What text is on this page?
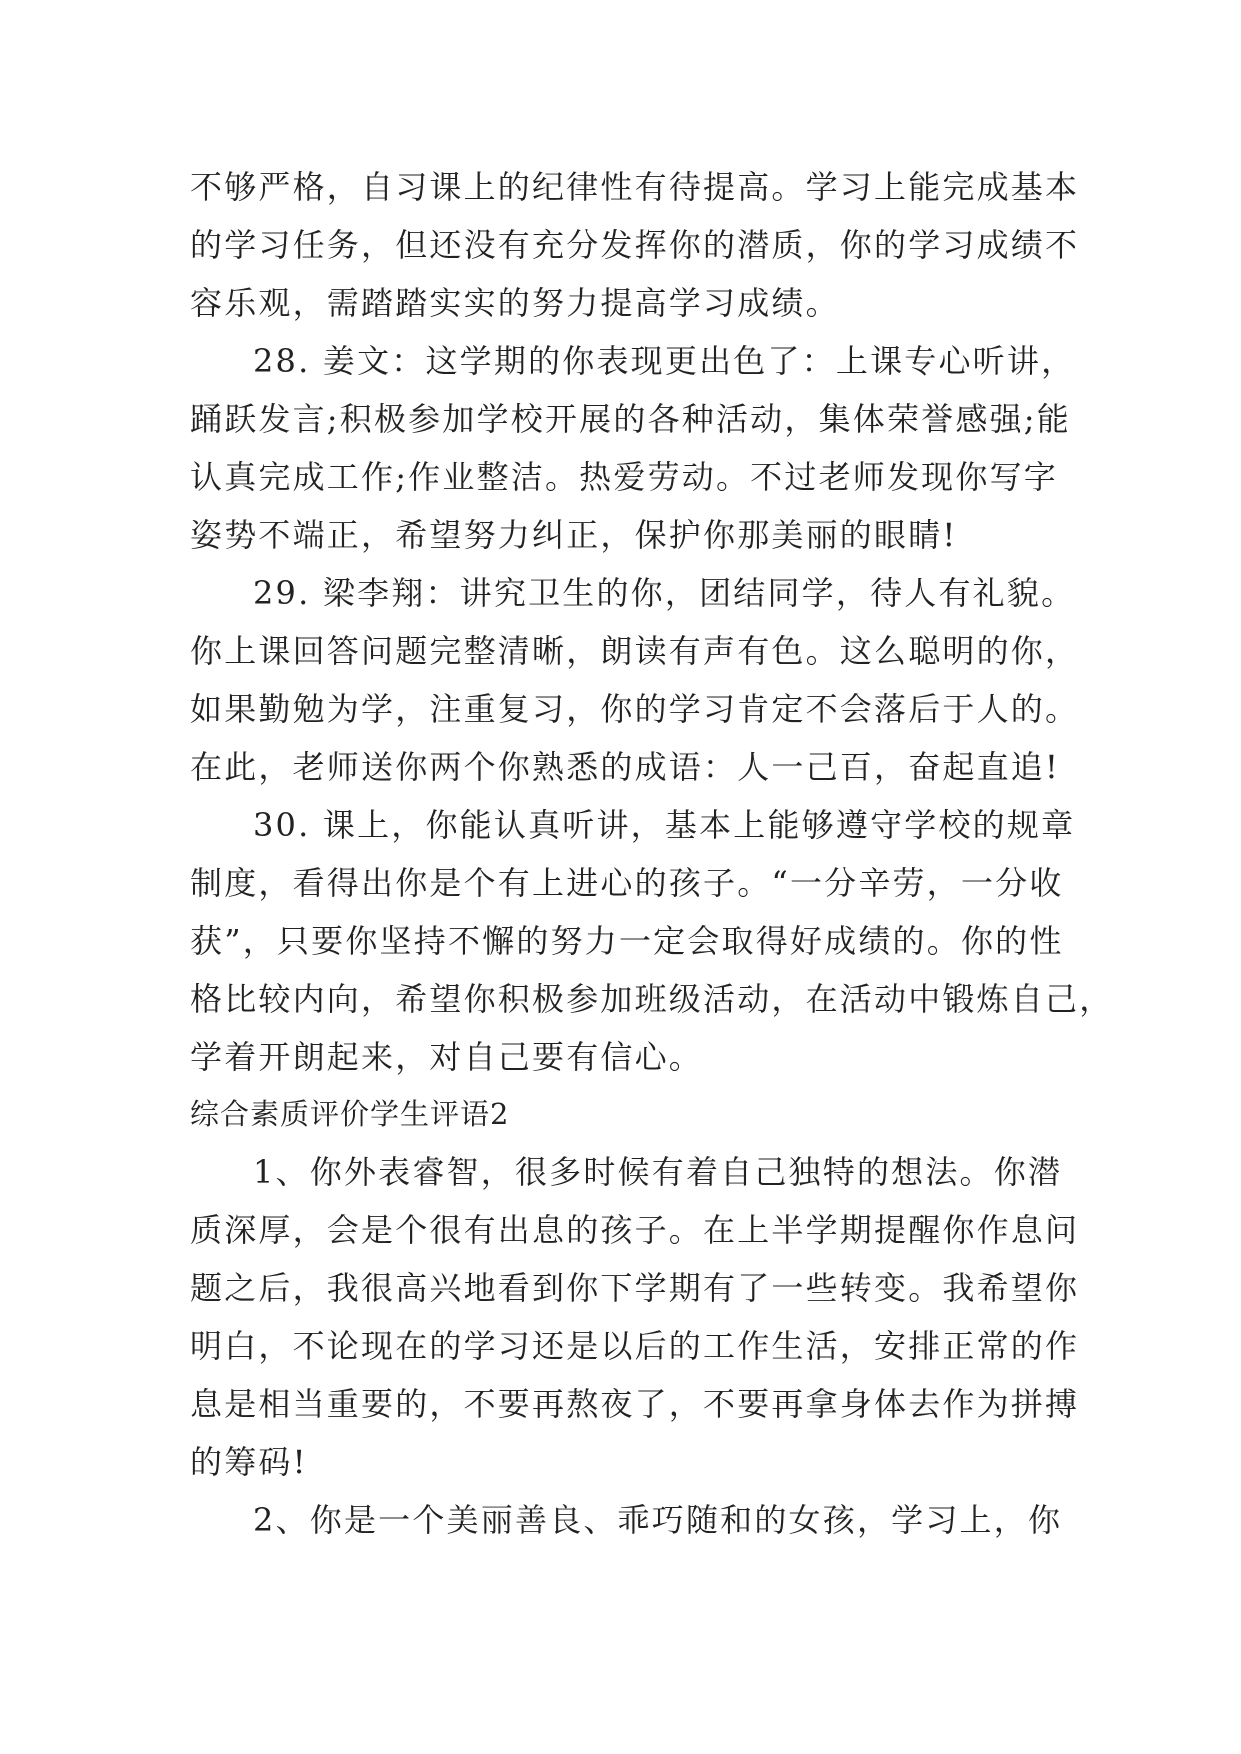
不够严格，自习课上的纪律性有待提高。学习上能完成基本
的学习任务，但还没有充分发挥你的潜质，你的学习成绩不
容乐观，需踏踏实实的努力提高学习成绩。
28. 姜文：这学期的你表现更出色了：上课专心听讲，
踊跃发言;积极参加学校开展的各种活动，集体荣誉感强;能
认真完成工作;作业整洁。热爱劳动。不过老师发现你写字
姿势不端正，希望努力纠正，保护你那美丽的眼睛!
29. 梁李翔：讲究卫生的你，团结同学，待人有礼貌。
你上课回答问题完整清晰，朗读有声有色。这么聪明的你，
如果勤勉为学，注重复习，你的学习肯定不会落后于人的。
在此，老师送你两个你熟悉的成语：人一己百，奋起直追!
30. 课上，你能认真听讲，基本上能够遵守学校的规章
制度，看得出你是个有上进心的孩子。“一分辛劳，一分收
获”，只要你坚持不懈的努力一定会取得好成绩的。你的性
格比较内向，希望你积极参加班级活动，在活动中锻炼自己，
学着开朗起来，对自己要有信心。
综合素质评价学生评语2
1、你外表睿智，很多时候有着自己独特的想法。你潜
质深厚，会是个很有出息的孩子。在上半学期提醒你作息问
题之后，我很高兴地看到你下学期有了一些转变。我希望你
明白，不论现在的学习还是以后的工作生活，安排正常的作
息是相当重要的，不要再熬夜了，不要再拿身体去作为拼搏
的筹码!
2、你是一个美丽善良、乖巧随和的女孩，学习上，你
